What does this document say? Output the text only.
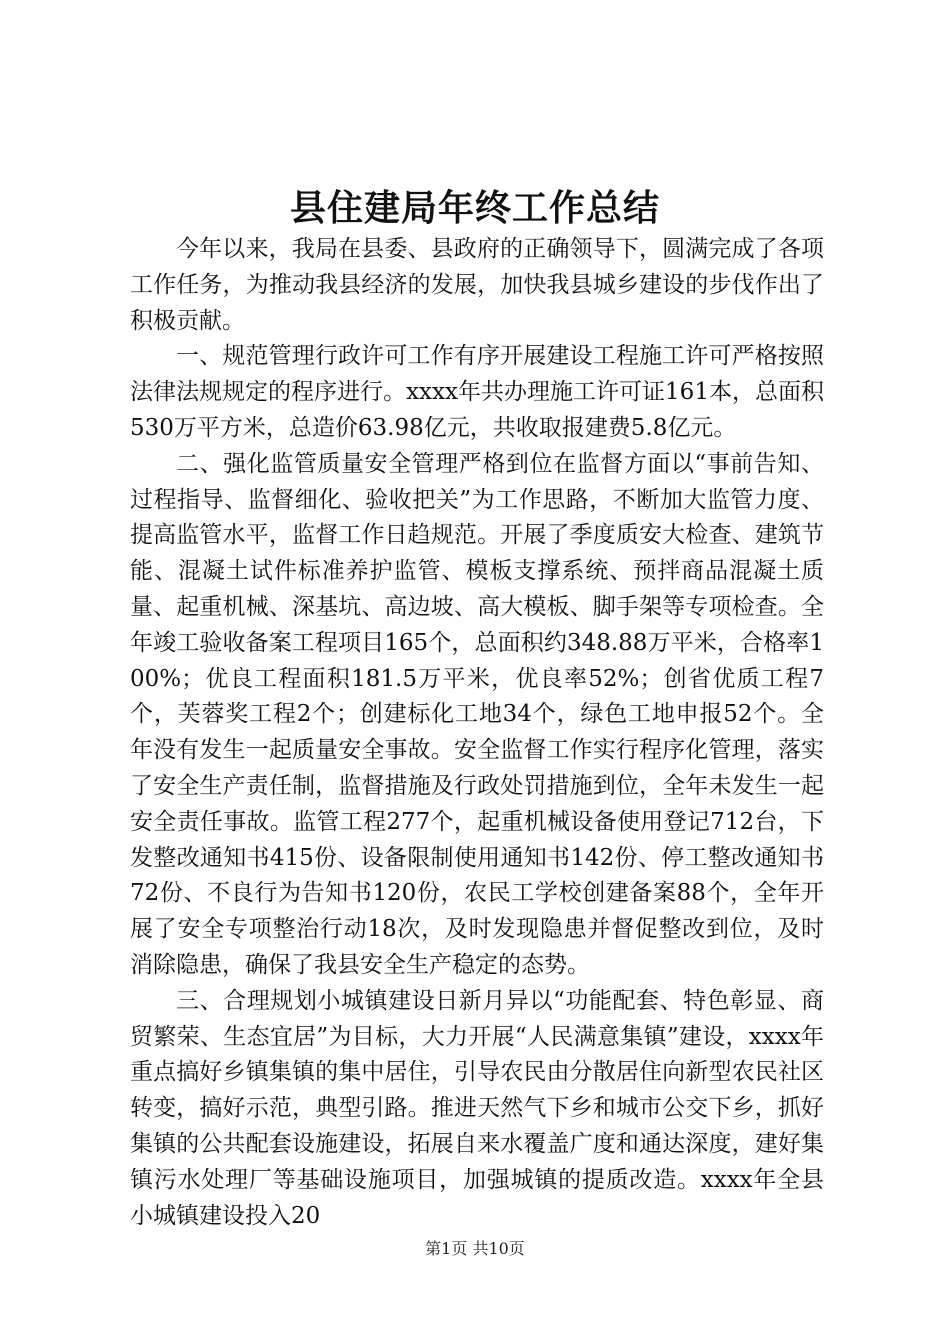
县住建局年终工作总结

今年以来，我局在县委、县政府的正确领导下，圆满完成了各项工作任务，为推动我县经济的发展，加快我县城乡建设的步伐作出了积极贡献。

一、规范管理行政许可工作有序开展建设工程施工许可严格按照法律法规规定的程序进行。xxxx年共办理施工许可证161本，总面积530万平方米，总造价63.98亿元，共收取报建费5.8亿元。

二、强化监管质量安全管理严格到位在监督方面以“事前告知、过程指导、监督细化、验收把关”为工作思路，不断加大监管力度、提高监管水平，监督工作日趋规范。开展了季度质安大检查、建筑节能、混凝土试件标准养护监管、模板支撑系统、预拌商品混凝土质量、起重机械、深基坑、高边坡、高大模板、脚手架等专项检查。全年竣工验收备案工程项目165个，总面积约348.88万平米，合格率100%；优良工程面积181.5万平米，优良率52%；创省优质工程7个，芙蓉奖工程2个；创建标化工地34个，绿色工地申报52个。全年没有发生一起质量安全事故。安全监督工作实行程序化管理，落实了安全生产责任制，监督措施及行政处罚措施到位，全年未发生一起安全责任事故。监管工程277个，起重机械设备使用登记712台，下发整改通知书415份、设备限制使用通知书142份、停工整改通知书72份、不良行为告知书120份，农民工学校创建备案88个，全年开展了安全专项整治行动18次，及时发现隐患并督促整改到位，及时消除隐患，确保了我县安全生产稳定的态势。

三、合理规划小城镇建设日新月异以“功能配套、特色彰显、商贸繁荣、生态宜居”为目标，大力开展“人民满意集镇”建设，xxxx年重点搞好乡镇集镇的集中居住，引导农民由分散居住向新型农民社区转变，搞好示范，典型引路。推进天然气下乡和城市公交下乡，抓好集镇的公共配套设施建设，拓展自来水覆盖广度和通达深度，建好集镇污水处理厂等基础设施项目，加强城镇的提质改造。xxxx年全县小城镇建设投入20

第1页 共10页
